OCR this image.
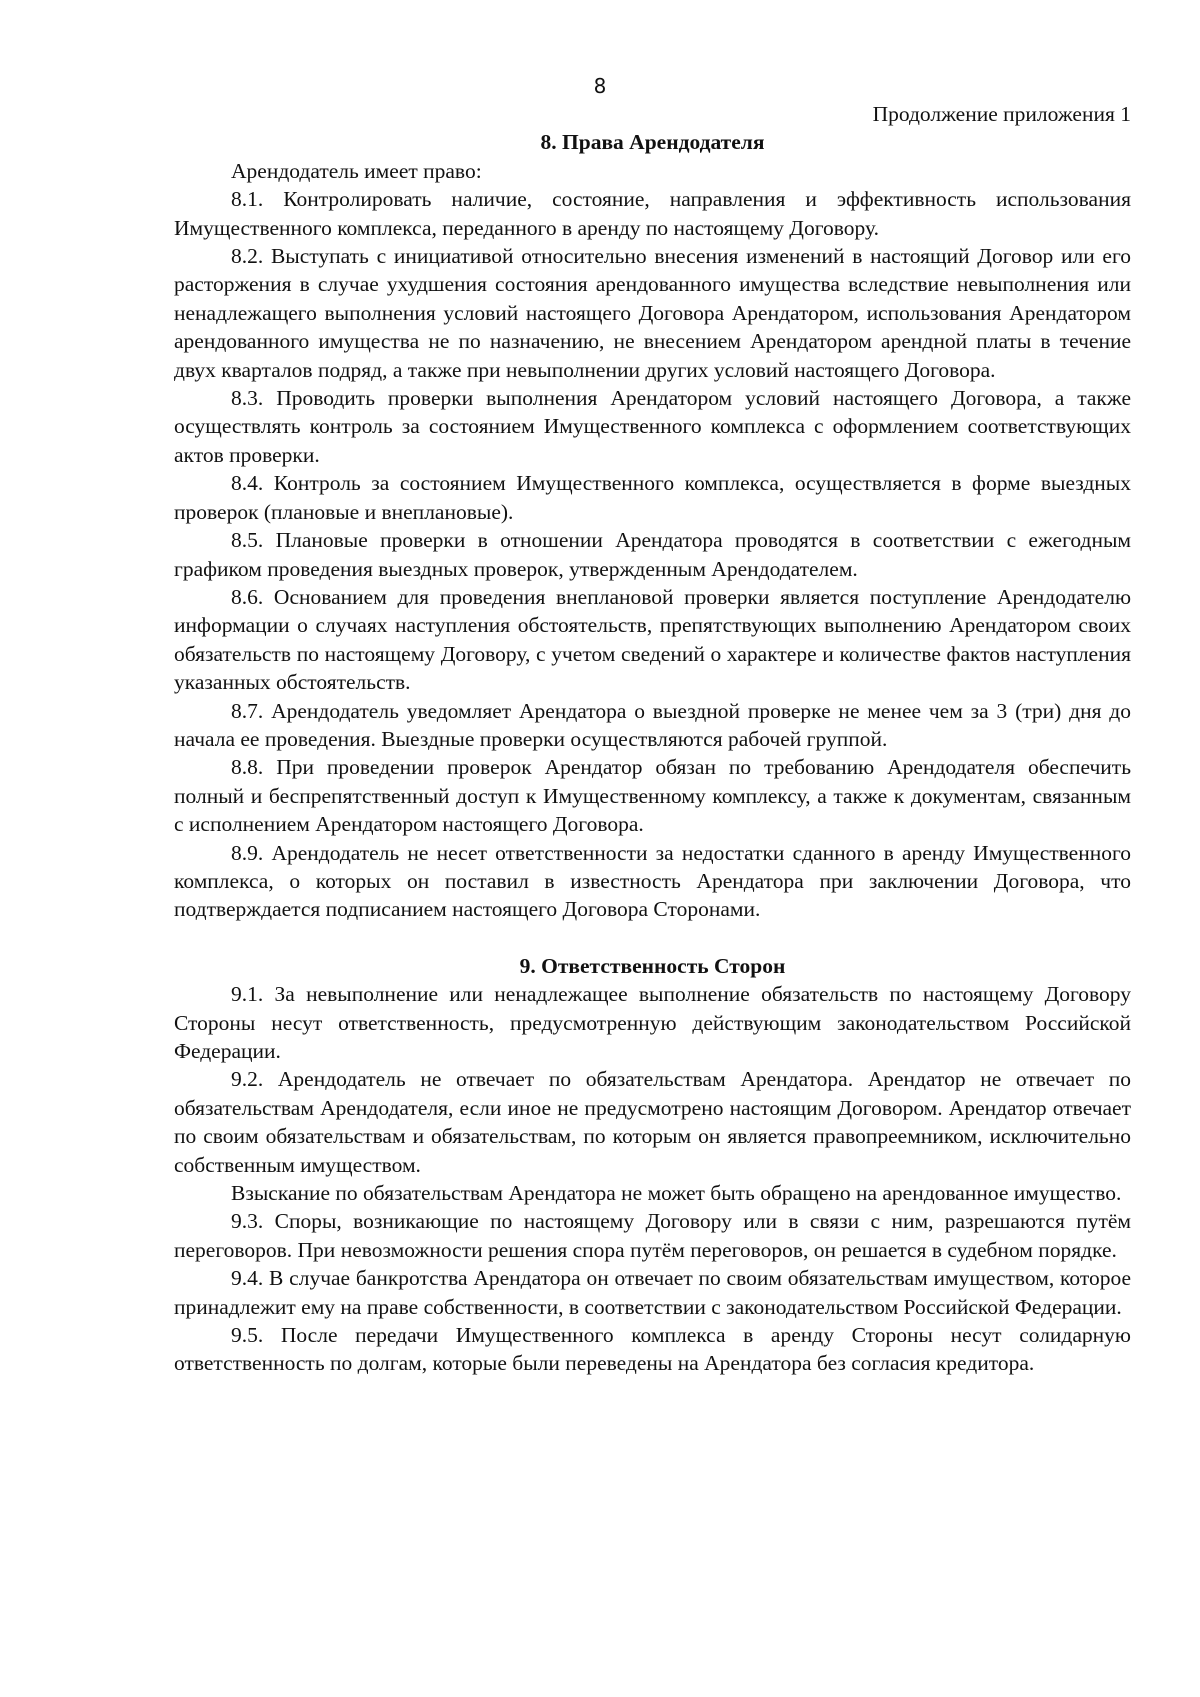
8

Продолжение приложения 1

8. Права Арендодателя

Арендодатель имеет право:

8.1. Контролировать наличие, состояние, направления и эффективность использования Имущественного комплекса, переданного в аренду по настоящему Договору.

8.2. Выступать с инициативой относительно внесения изменений в настоящий Договор или его расторжения в случае ухудшения состояния арендованного имущества вследствие невыполнения или ненадлежащего выполнения условий настоящего Договора Арендатором, использования Арендатором арендованного имущества не по назначению, не внесением Арендатором арендной платы в течение двух кварталов подряд, а также при невыполнении других условий настоящего Договора.

8.3. Проводить проверки выполнения Арендатором условий настоящего Договора, а также осуществлять контроль за состоянием Имущественного комплекса с оформлением соответствующих актов проверки.

8.4. Контроль за состоянием Имущественного комплекса, осуществляется в форме выездных проверок (плановые и внеплановые).

8.5. Плановые проверки в отношении Арендатора проводятся в соответствии с ежегодным графиком проведения выездных проверок, утвержденным Арендодателем.

8.6. Основанием для проведения внеплановой проверки является поступление Арендодателю информации о случаях наступления обстоятельств, препятствующих выполнению Арендатором своих обязательств по настоящему Договору, с учетом сведений о характере и количестве фактов наступления указанных обстоятельств.

8.7. Арендодатель уведомляет Арендатора о выездной проверке не менее чем за 3 (три) дня до начала ее проведения. Выездные проверки осуществляются рабочей группой.

8.8. При проведении проверок Арендатор обязан по требованию Арендодателя обеспечить полный и беспрепятственный доступ к Имущественному комплексу, а также к документам, связанным с исполнением Арендатором настоящего Договора.

8.9. Арендодатель не несет ответственности за недостатки сданного в аренду Имущественного комплекса, о которых он поставил в известность Арендатора при заключении Договора, что подтверждается подписанием настоящего Договора Сторонами.

9. Ответственность Сторон

9.1. За невыполнение или ненадлежащее выполнение обязательств по настоящему Договору Стороны несут ответственность, предусмотренную действующим законодательством Российской Федерации.

9.2. Арендодатель не отвечает по обязательствам Арендатора. Арендатор не отвечает по обязательствам Арендодателя, если иное не предусмотрено настоящим Договором. Арендатор отвечает по своим обязательствам и обязательствам, по которым он является правопреемником, исключительно собственным имуществом.

Взыскание по обязательствам Арендатора не может быть обращено на арендованное имущество.

9.3. Споры, возникающие по настоящему Договору или в связи с ним, разрешаются путём переговоров. При невозможности решения спора путём переговоров, он решается в судебном порядке.

9.4. В случае банкротства Арендатора он отвечает по своим обязательствам имуществом, которое принадлежит ему на праве собственности, в соответствии с законодательством Российской Федерации.

9.5. После передачи Имущественного комплекса в аренду Стороны несут солидарную ответственность по долгам, которые были переведены на Арендатора без согласия кредитора.
